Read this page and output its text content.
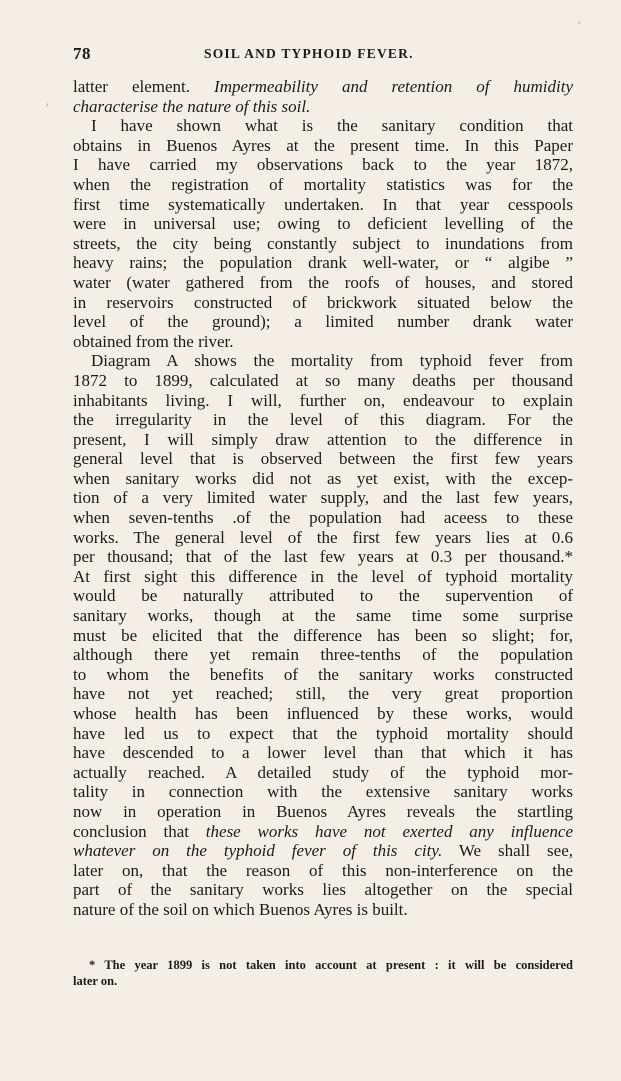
78	SOIL AND TYPHOID FEVER.
′
′
latter element. Impermeability and retention of humidity
characterise the nature of this soil.
I have shown what is the sanitary condition that
obtains in Buenos Ayres at the present time. In this Paper
I have carried my observations back to the year 1872,
when the registration of mortality statistics was for the
first time systematically undertaken. In that year cesspools
were in universal use; owing to deficient levelling of the
streets, the city being constantly subject to inundations from
heavy rains; the population drank well-water, or “ algibe ”
water (water gathered from the roofs of houses, and stored
in reservoirs constructed of brickwork situated below the
level of the ground); a limited number drank water
obtained from the river.
Diagram A shows the mortality from typhoid fever from
1872 to 1899, calculated at so many deaths per thousand
inhabitants living. I will, further on, endeavour to explain
the irregularity in the level of this diagram. For the
present, I will simply draw attention to the difference in
general level that is observed between the first few years
when sanitary works did not as yet exist, with the excep-
tion of a very limited water supply, and the last few years,
when seven-tenths .of the population had aceess to these
works. The general level of the first few years lies at 0.6
per thousand; that of the last few years at 0.3 per thousand.*
At first sight this difference in the level of typhoid mortality
would be naturally attributed to the supervention of
sanitary works, though at the same time some surprise
must be elicited that the difference has been so slight; for,
although there yet remain three-tenths of the population
to whom the benefits of the sanitary works constructed
have not yet reached; still, the very great proportion
whose health has been influenced by these works, would
have led us to expect that the typhoid mortality should
have descended to a lower level than that which it has
actually reached. A detailed study of the typhoid mor-
tality in connection with the extensive sanitary works
now in operation in Buenos Ayres reveals the startling
conclusion that these works have not exerted any influence
whatever on the typhoid fever of this city. We shall see,
later on, that the reason of this non-interference on the
part of the sanitary works lies altogether on the special
nature of the soil on which Buenos Ayres is built.
* The year 1899 is not taken into account at present : it will be considered
later on.
